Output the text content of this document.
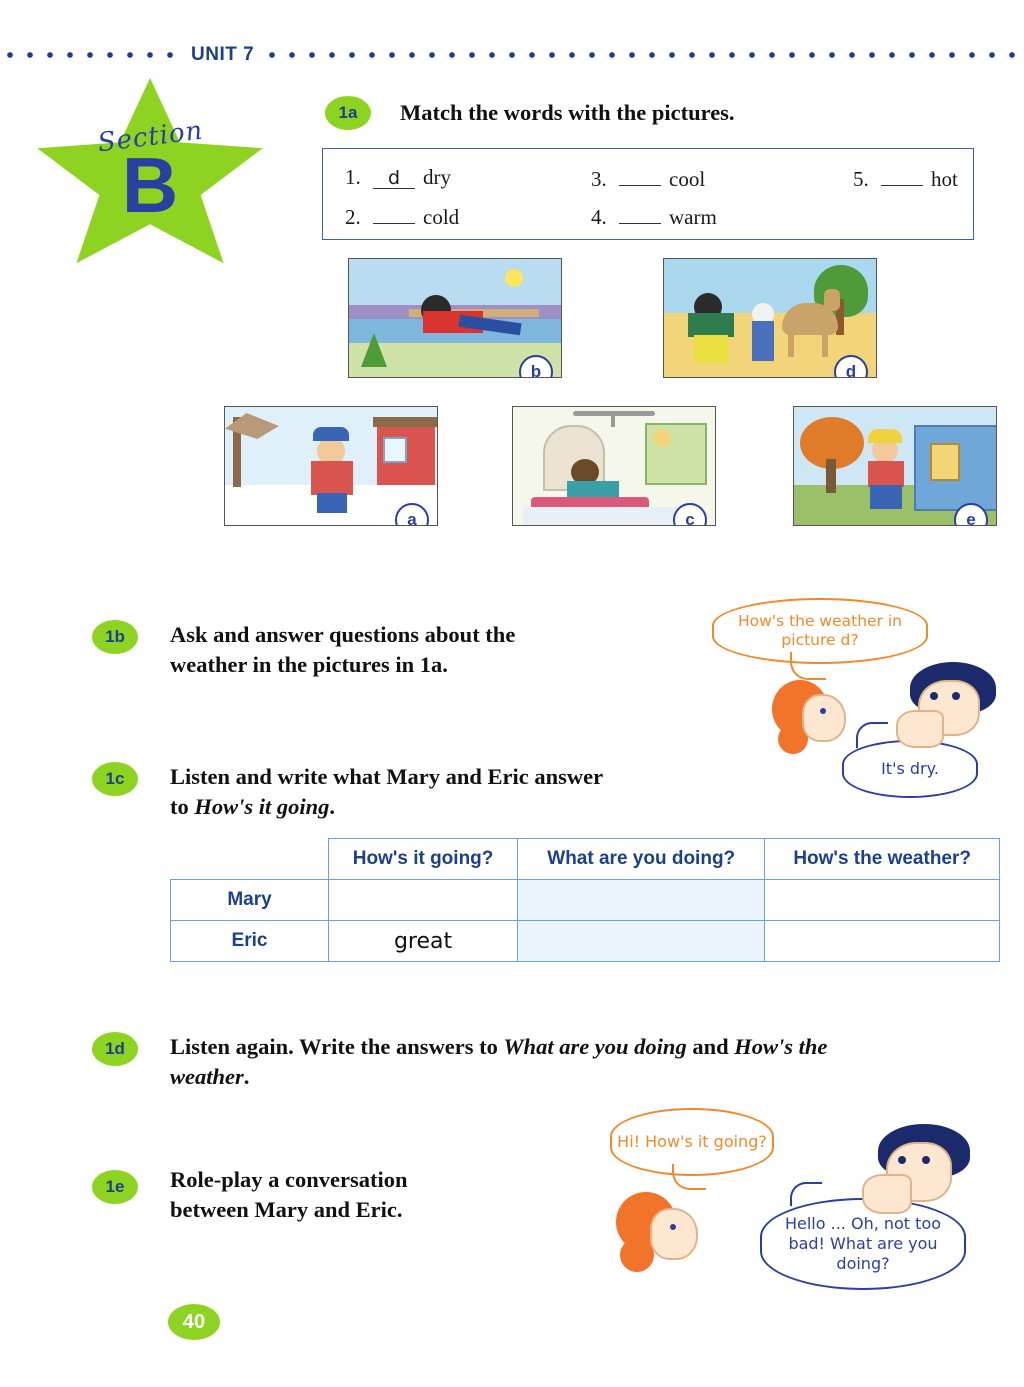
UNIT 7
Section
B
1a	Match the words with the pictures.
1.	d	dry
2.	cold
3.	cool
4.	warm
5.	hot
b	d
a	c	e
1b	Ask and answer questions about the
weather in the pictures in 1a.
How's the weather in picture d?
It's dry.
1c	Listen and write what Mary and Eric answer
to How's it going.
	How's it going?	What are you doing?	How's the weather?
Mary			
Eric	great		
1d	Listen again. Write the answers to What are you doing and How's the
weather.
1e	Role-play a conversation
between Mary and Eric.
Hi! How's it going?
Hello ... Oh, not too bad! What are you doing?
40
